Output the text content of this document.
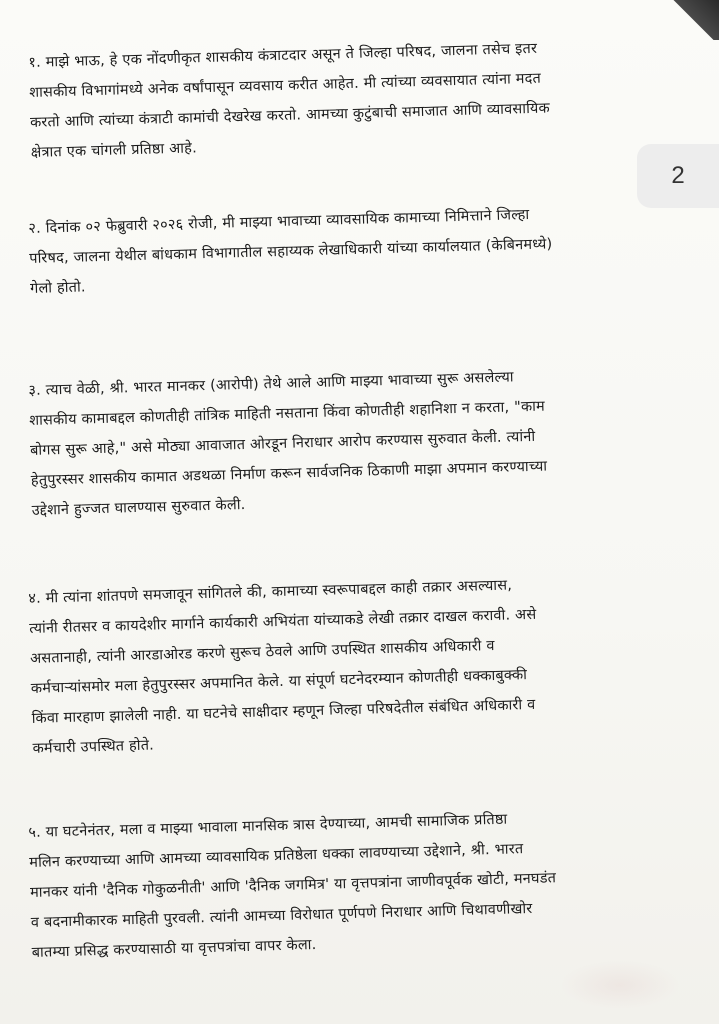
2
१. माझे भाऊ, हे एक नोंदणीकृत शासकीय कंत्राटदार असून ते जिल्हा परिषद, जालना तसेच इतर
शासकीय विभागांमध्ये अनेक वर्षांपासून व्यवसाय करीत आहेत. मी त्यांच्या व्यवसायात त्यांना मदत
करतो आणि त्यांच्या कंत्राटी कामांची देखरेख करतो. आमच्या कुटुंबाची समाजात आणि व्यावसायिक
क्षेत्रात एक चांगली प्रतिष्ठा आहे.
२. दिनांक ०२ फेब्रुवारी २०२६ रोजी, मी माझ्या भावाच्या व्यावसायिक कामाच्या निमित्ताने जिल्हा
परिषद, जालना येथील बांधकाम विभागातील सहाय्यक लेखाधिकारी यांच्या कार्यालयात (केबिनमध्ये)
गेलो होतो.
३. त्याच वेळी, श्री. भारत मानकर (आरोपी) तेथे आले आणि माझ्या भावाच्या सुरू असलेल्या
शासकीय कामाबद्दल कोणतीही तांत्रिक माहिती नसताना किंवा कोणतीही शहानिशा न करता, "काम
बोगस सुरू आहे," असे मोठ्या आवाजात ओरडून निराधार आरोप करण्यास सुरुवात केली. त्यांनी
हेतुपुरस्सर शासकीय कामात अडथळा निर्माण करून सार्वजनिक ठिकाणी माझा अपमान करण्याच्या
उद्देशाने हुज्जत घालण्यास सुरुवात केली.
४. मी त्यांना शांतपणे समजावून सांगितले की, कामाच्या स्वरूपाबद्दल काही तक्रार असल्यास,
त्यांनी रीतसर व कायदेशीर मार्गाने कार्यकारी अभियंता यांच्याकडे लेखी तक्रार दाखल करावी. असे
असतानाही, त्यांनी आरडाओरड करणे सुरूच ठेवले आणि उपस्थित शासकीय अधिकारी व
कर्मचाऱ्यांसमोर मला हेतुपुरस्सर अपमानित केले. या संपूर्ण घटनेदरम्यान कोणतीही धक्काबुक्की
किंवा मारहाण झालेली नाही. या घटनेचे साक्षीदार म्हणून जिल्हा परिषदेतील संबंधित अधिकारी व
कर्मचारी उपस्थित होते.
५. या घटनेनंतर, मला व माझ्या भावाला मानसिक त्रास देण्याच्या, आमची सामाजिक प्रतिष्ठा
मलिन करण्याच्या आणि आमच्या व्यावसायिक प्रतिष्ठेला धक्का लावण्याच्या उद्देशाने, श्री. भारत
मानकर यांनी 'दैनिक गोकुळनीती' आणि 'दैनिक जगमित्र' या वृत्तपत्रांना जाणीवपूर्वक खोटी, मनघडंत
व बदनामीकारक माहिती पुरवली. त्यांनी आमच्या विरोधात पूर्णपणे निराधार आणि चिथावणीखोर
बातम्या प्रसिद्ध करण्यासाठी या वृत्तपत्रांचा वापर केला.
